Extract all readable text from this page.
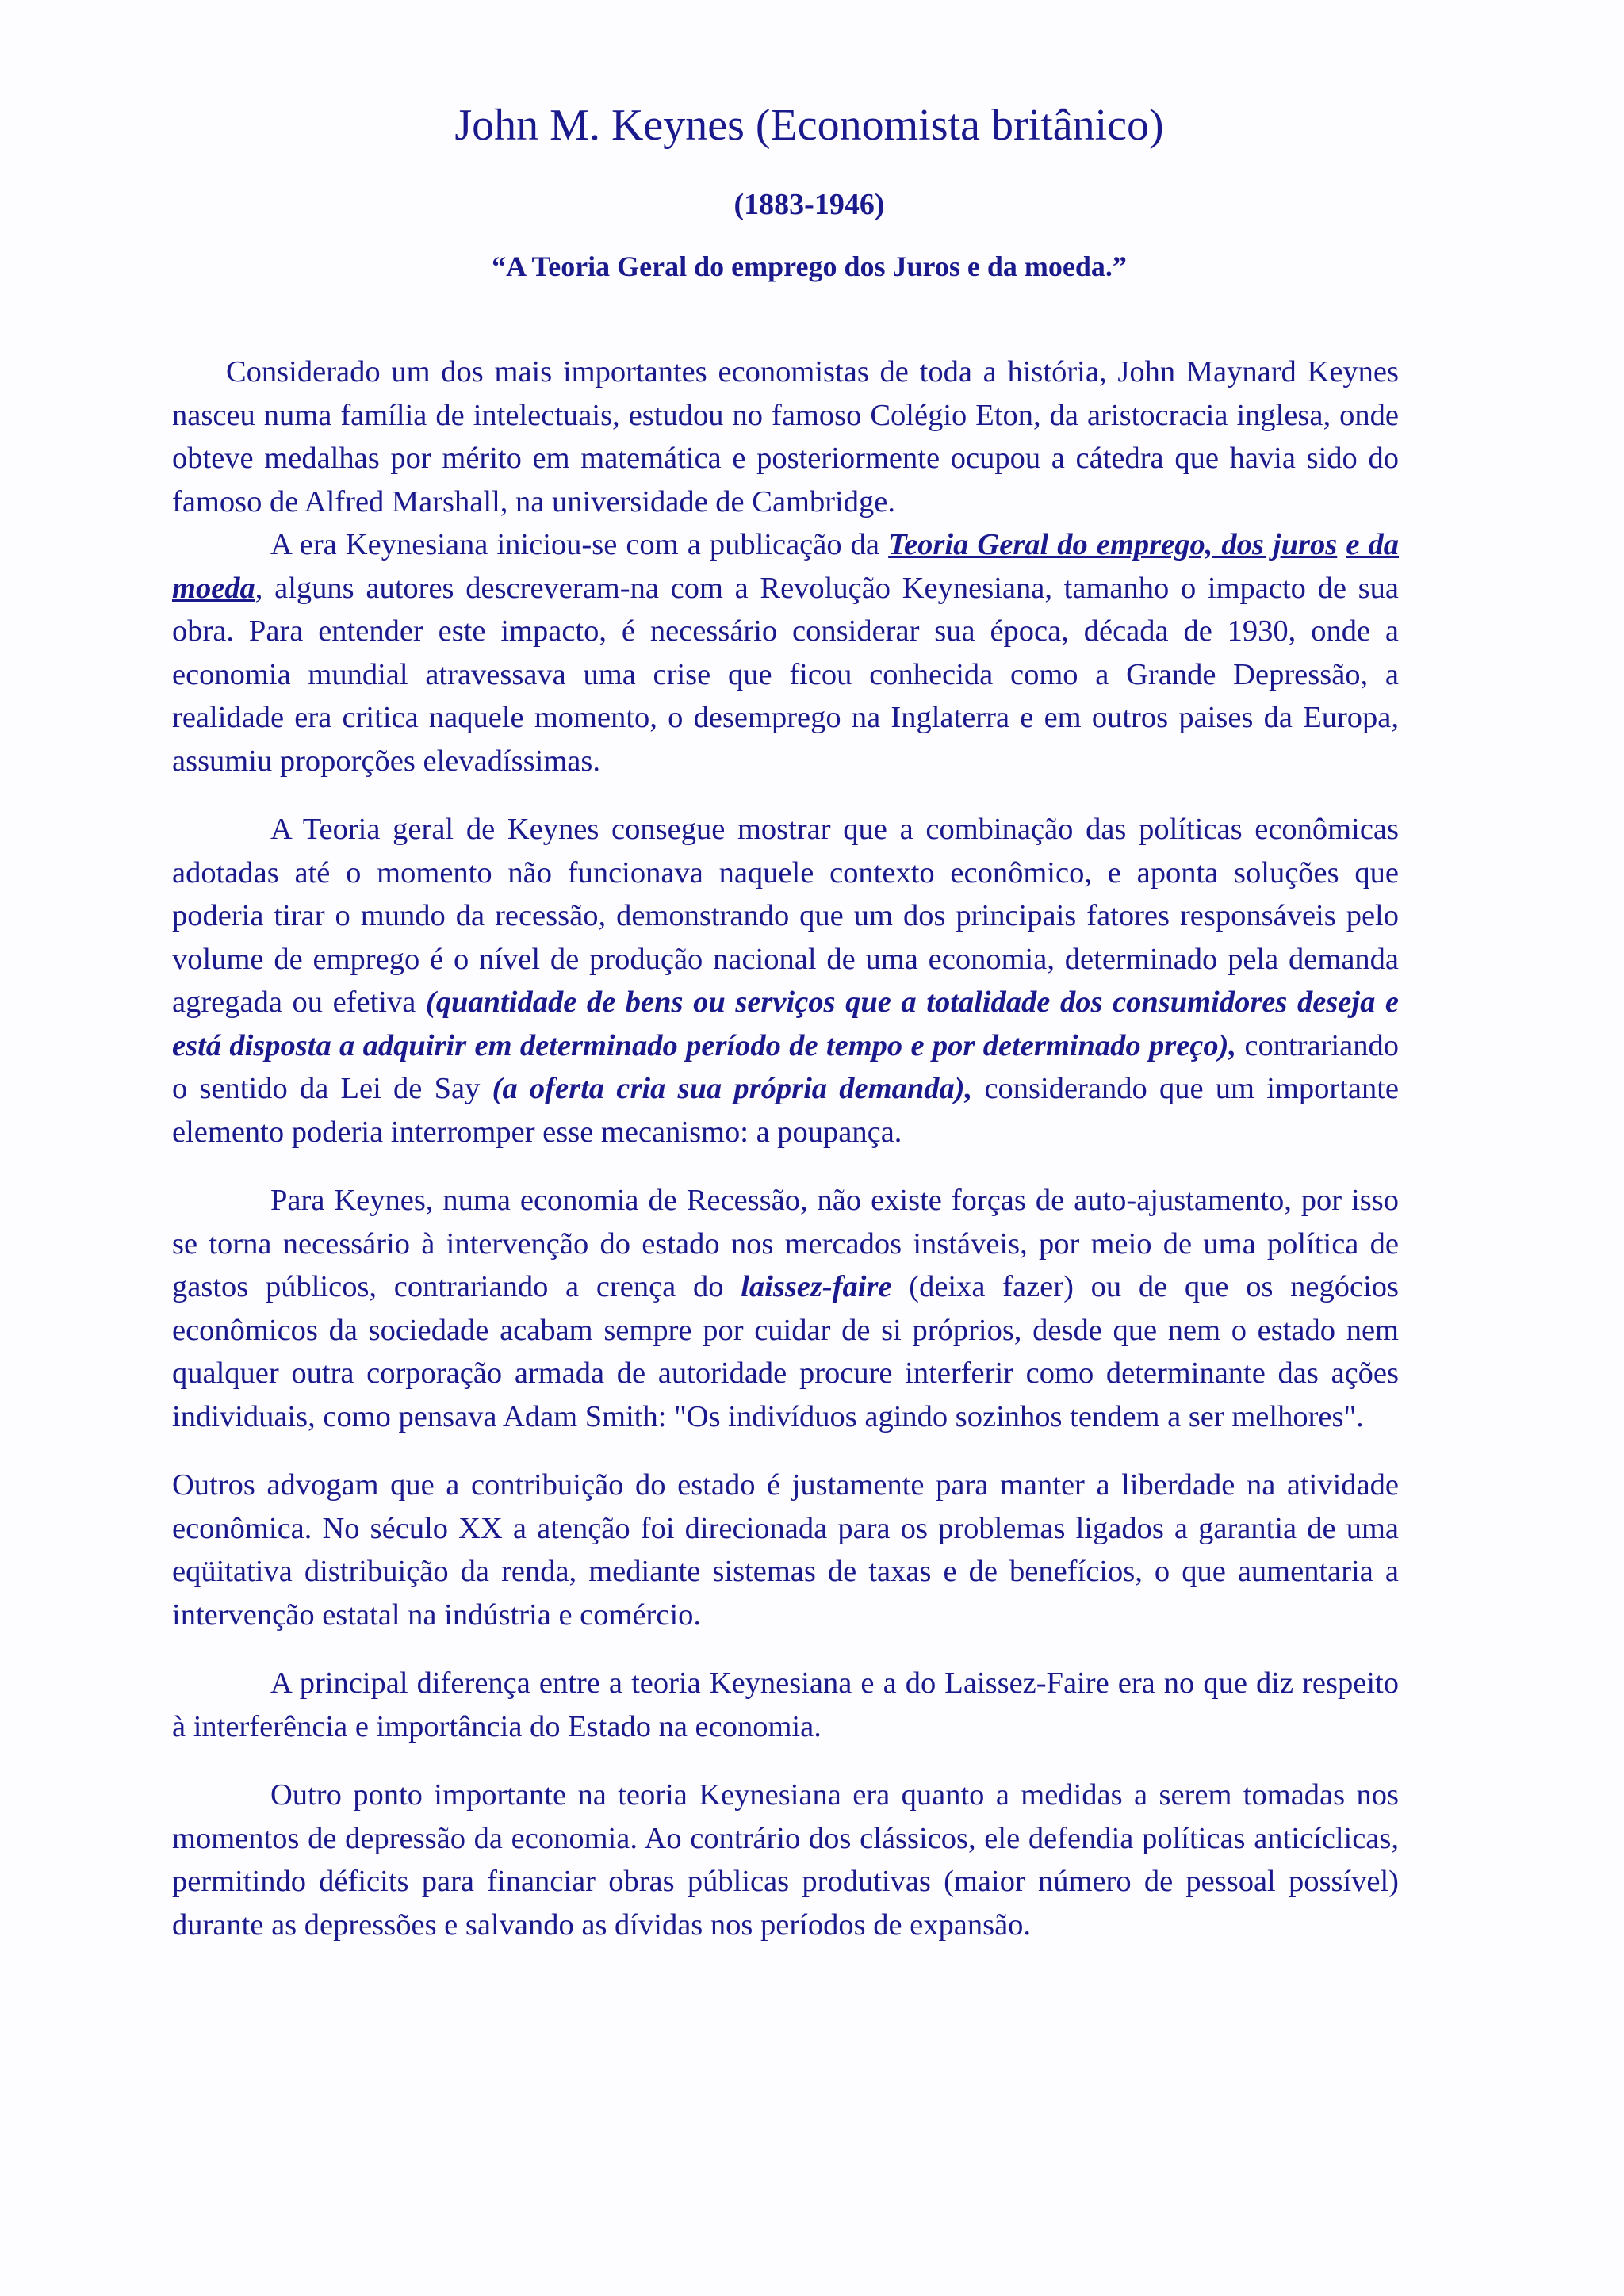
John M. Keynes (Economista britânico)
(1883-1946)
“A Teoria Geral do emprego dos Juros e da moeda.”

Considerado um dos mais importantes economistas de toda a história, John Maynard Keynes nasceu numa família de intelectuais, estudou no famoso Colégio Eton, da aristocracia inglesa, onde obteve medalhas por mérito em matemática e posteriormente ocupou a cátedra que havia sido do famoso de Alfred Marshall, na universidade de Cambridge.

A era Keynesiana iniciou-se com a publicação da Teoria Geral do emprego, dos juros e da moeda, alguns autores descreveram-na com a Revolução Keynesiana, tamanho o impacto de sua obra. Para entender este impacto, é necessário considerar sua época, década de 1930, onde a economia mundial atravessava uma crise que ficou conhecida como a Grande Depressão, a realidade era critica naquele momento, o desemprego na Inglaterra e em outros paises da Europa, assumiu proporções elevadíssimas.

A Teoria geral de Keynes consegue mostrar que a combinação das políticas econômicas adotadas até o momento não funcionava naquele contexto econômico, e aponta soluções que poderia tirar o mundo da recessão, demonstrando que um dos principais fatores responsáveis pelo volume de emprego é o nível de produção nacional de uma economia, determinado pela demanda agregada ou efetiva (quantidade de bens ou serviços que a totalidade dos consumidores deseja e está disposta a adquirir em determinado período de tempo e por determinado preço), contrariando o sentido da Lei de Say (a oferta cria sua própria demanda), considerando que um importante elemento poderia interromper esse mecanismo: a poupança.

Para Keynes, numa economia de Recessão, não existe forças de auto-ajustamento, por isso se torna necessário à intervenção do estado nos mercados instáveis, por meio de uma política de gastos públicos, contrariando a crença do laissez-faire (deixa fazer) ou de que os negócios econômicos da sociedade acabam sempre por cuidar de si próprios, desde que nem o estado nem qualquer outra corporação armada de autoridade procure interferir como determinante das ações individuais, como pensava Adam Smith: "Os indivíduos agindo sozinhos tendem a ser melhores".

Outros advogam que a contribuição do estado é justamente para manter a liberdade na atividade econômica. No século XX a atenção foi direcionada para os problemas ligados a garantia de uma eqüitativa distribuição da renda, mediante sistemas de taxas e de benefícios, o que aumentaria a intervenção estatal na indústria e comércio.

A principal diferença entre a teoria Keynesiana e a do Laissez-Faire era no que diz respeito à interferência e importância do Estado na economia.

Outro ponto importante na teoria Keynesiana era quanto a medidas a serem tomadas nos momentos de depressão da economia. Ao contrário dos clássicos, ele defendia políticas anticíclicas, permitindo déficits para financiar obras públicas produtivas (maior número de pessoal possível) durante as depressões e salvando as dívidas nos períodos de expansão.
